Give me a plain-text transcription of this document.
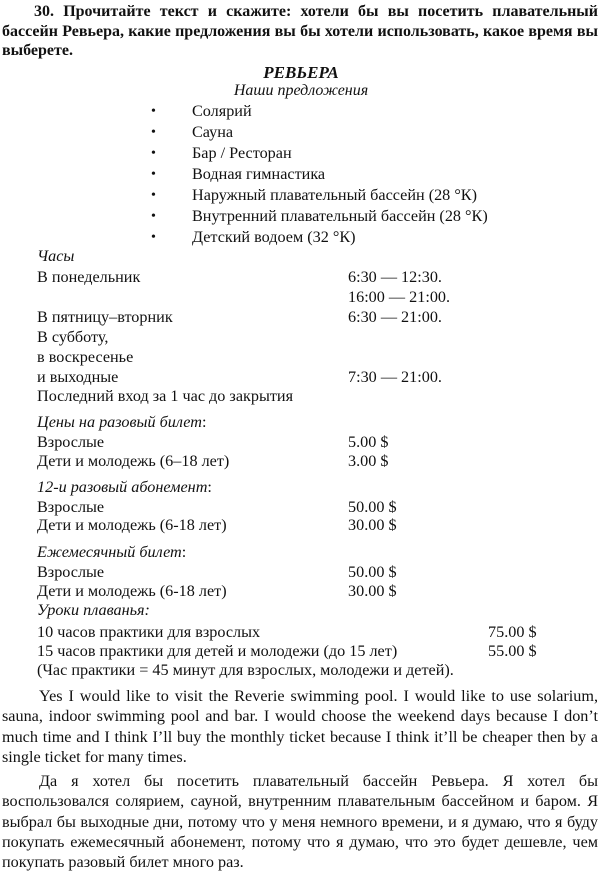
30. Прочитайте текст и скажите: хотели бы вы посетить плавательный бассейн Ревьера, какие предложения вы бы хотели использовать, какое время вы выберете.

РЕВЬЕРА
Наши предложения
• Солярий
• Сауна
• Бар / Ресторан
• Водная гимнастика
• Наружный плавательный бассейн (28 °К)
• Внутренний плавательный бассейн (28 °К)
• Детский водоем (32 °К)
Часы
В понедельник	6:30 — 12:30.
16:00 — 21:00.
В пятницу–вторник	6:30 — 21:00.
В субботу,
в воскресенье
и выходные	7:30 — 21:00.
Последний вход за 1 час до закрытия
Цены на разовый билет:
Взрослые	5.00 $
Дети и молодежь (6–18 лет)	3.00 $
12-и разовый абонемент:
Взрослые	50.00 $
Дети и молодежь (6-18 лет)	30.00 $
Ежемесячный билет:
Взрослые	50.00 $
Дети и молодежь (6-18 лет)	30.00 $
Уроки плаванья:
10 часов практики для взрослых	75.00 $
15 часов практики для детей и молодежи (до 15 лет)	55.00 $
(Час практики = 45 минут для взрослых, молодежи и детей).

Yes I would like to visit the Reverie swimming pool. I would like to use solarium, sauna, indoor swimming pool and bar. I would choose the weekend days because I don’t much time and I think I’ll buy the monthly ticket because I think it’ll be cheaper then by a single ticket for many times.

Да я хотел бы посетить плавательный бассейн Ревьера. Я хотел бы воспользовался солярием, сауной, внутренним плавательным бассейном и баром. Я выбрал бы выходные дни, потому что у меня немного времени, и я думаю, что я буду покупать ежемесячный абонемент, потому что я думаю, что это будет дешевле, чем покупать разовый билет много раз.
